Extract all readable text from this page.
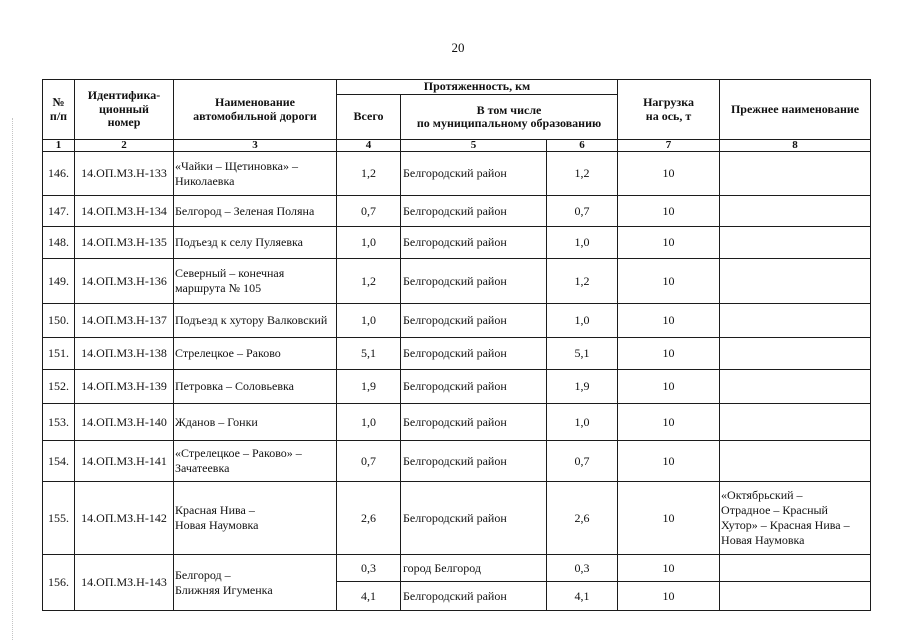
20
№
п/п	Идентифика-
ционный
номер	Наименование
автомобильной дороги	Протяженность, км			Нагрузка
на ось, т	Прежнее наименование
			Всего	В том числе
по муниципальному образованию			
1	2	3	4	5	6	7	8
146.	14.ОП.МЗ.Н-133	«Чайки – Щетиновка» –
Николаевка	1,2	Белгородский район	1,2	10	
147.	14.ОП.МЗ.Н-134	Белгород – Зеленая Поляна	0,7	Белгородский район	0,7	10	
148.	14.ОП.МЗ.Н-135	Подъезд к селу Пуляевка	1,0	Белгородский район	1,0	10	
149.	14.ОП.МЗ.Н-136	Северный – конечная
маршрута № 105	1,2	Белгородский район	1,2	10	
150.	14.ОП.МЗ.Н-137	Подъезд к хутору Валковский	1,0	Белгородский район	1,0	10	
151.	14.ОП.МЗ.Н-138	Стрелецкое – Раково	5,1	Белгородский район	5,1	10	
152.	14.ОП.МЗ.Н-139	Петровка – Соловьевка	1,9	Белгородский район	1,9	10	
153.	14.ОП.МЗ.Н-140	Жданов – Гонки	1,0	Белгородский район	1,0	10	
154.	14.ОП.МЗ.Н-141	«Стрелецкое – Раково» –
Зачатеевка	0,7	Белгородский район	0,7	10	
155.	14.ОП.МЗ.Н-142	Красная Нива –
Новая Наумовка	2,6	Белгородский район	2,6	10	«Октябрьский –
Отрадное – Красный
Хутор» – Красная Нива –
Новая Наумовка
156.	14.ОП.МЗ.Н-143	Белгород –
Ближняя Игуменка	0,3	город Белгород	0,3	10	
			4,1	Белгородский район	4,1	10	
